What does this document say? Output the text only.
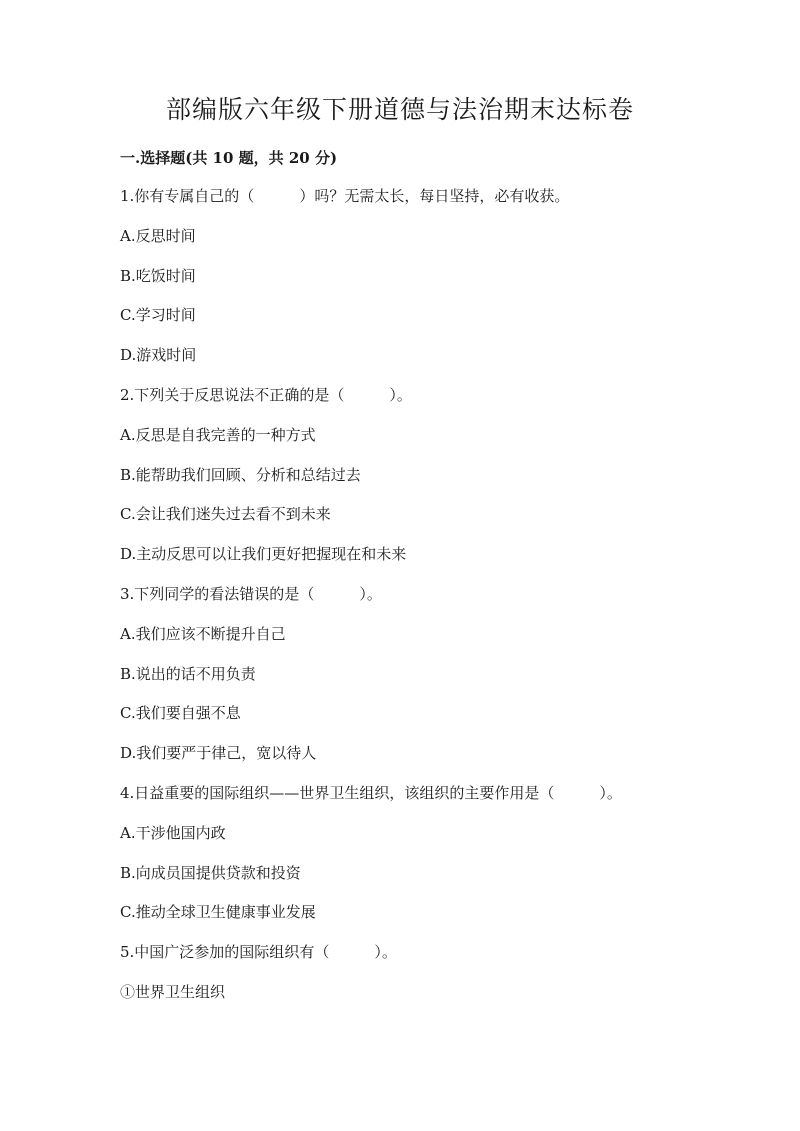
部编版六年级下册道德与法治期末达标卷
一.选择题(共 10 题，共 20 分)
1.你有专属自己的（　　　）吗？无需太长，每日坚持，必有收获。
A.反思时间
B.吃饭时间
C.学习时间
D.游戏时间
2.下列关于反思说法不正确的是（　　　）。
A.反思是自我完善的一种方式
B.能帮助我们回顾、分析和总结过去
C.会让我们迷失过去看不到未来
D.主动反思可以让我们更好把握现在和未来
3.下列同学的看法错误的是（　　　）。
A.我们应该不断提升自己
B.说出的话不用负责
C.我们要自强不息
D.我们要严于律己，宽以待人
4.日益重要的国际组织——世界卫生组织，该组织的主要作用是（　　　）。
A.干涉他国内政
B.向成员国提供贷款和投资
C.推动全球卫生健康事业发展
5.中国广泛参加的国际组织有（　　　）。
①世界卫生组织
